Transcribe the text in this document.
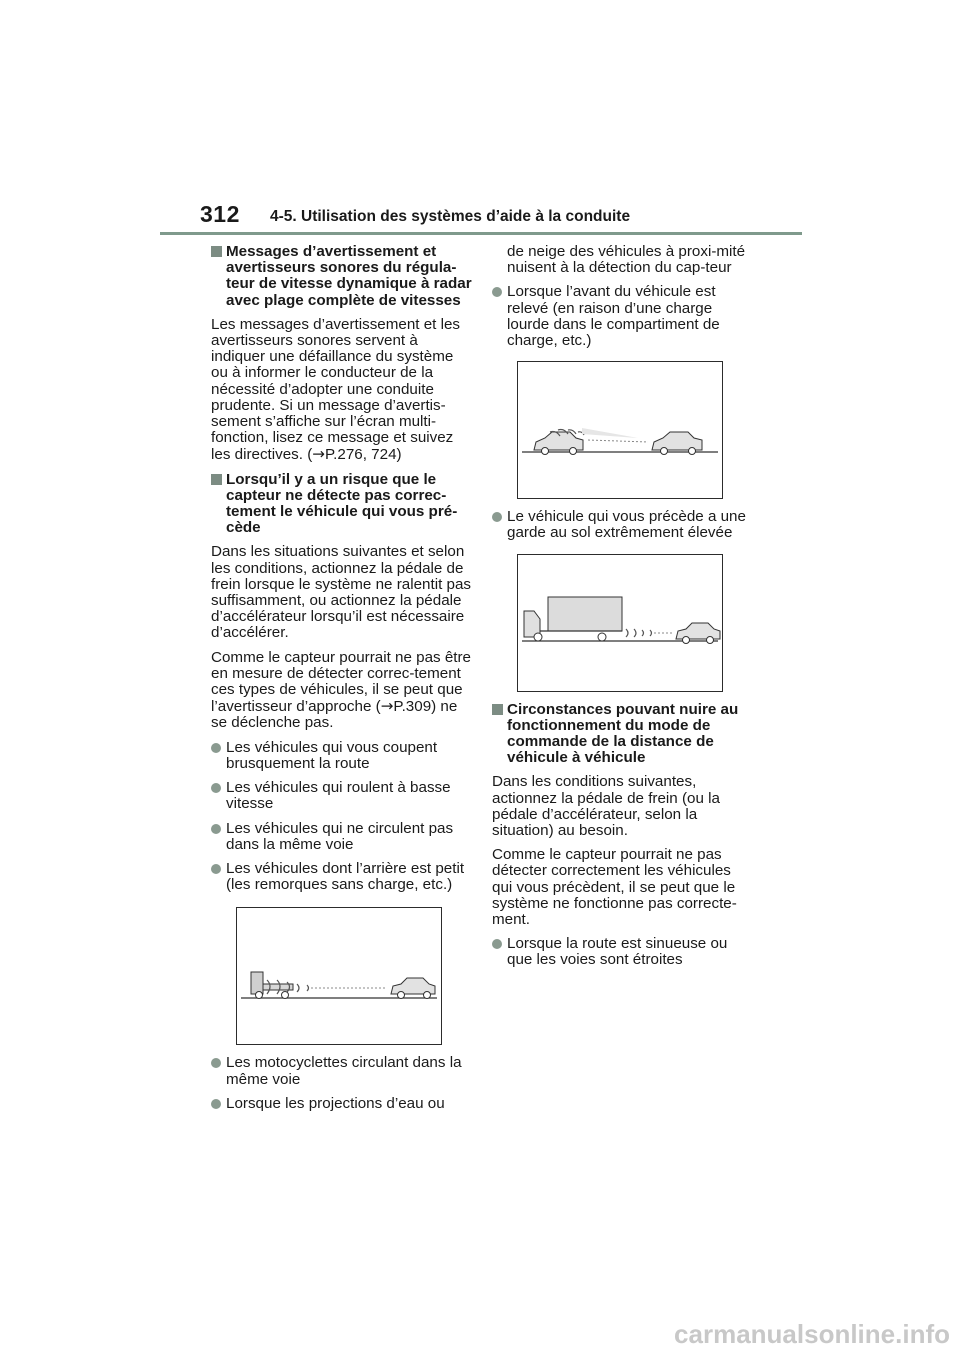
312 4-5. Utilisation des systèmes d’aide à la conduite
Messages d’avertissement et avertisseurs sonores du régula-teur de vitesse dynamique à radar avec plage complète de vitesses

Les messages d’avertissement et les avertisseurs sonores servent à indiquer une défaillance du système ou à informer le conducteur de la nécessité d’adopter une conduite prudente. Si un message d’avertis-sement s’affiche sur l’écran multi-fonction, lisez ce message et suivez les directives. (→P.276, 724)

Lorsqu’il y a un risque que le capteur ne détecte pas correc-tement le véhicule qui vous pré-cède

Dans les situations suivantes et selon les conditions, actionnez la pédale de frein lorsque le système ne ralentit pas suffisamment, ou actionnez la pédale d’accélérateur lorsqu’il est nécessaire d’accélérer.

Comme le capteur pourrait ne pas être en mesure de détecter correc-tement ces types de véhicules, il se peut que l’avertisseur d’approche (→P.309) ne se déclenche pas.

Les véhicules qui vous coupent brusquement la route
Les véhicules qui roulent à basse vitesse
Les véhicules qui ne circulent pas dans la même voie
Les véhicules dont l’arrière est petit (les remorques sans charge, etc.)
Les motocyclettes circulant dans la même voie
Lorsque les projections d’eau ou

de neige des véhicules à proxi-mité nuisent à la détection du cap-teur

Lorsque l’avant du véhicule est relevé (en raison d’une charge lourde dans le compartiment de charge, etc.)
Le véhicule qui vous précède a une garde au sol extrêmement élevée
Circonstances pouvant nuire au fonctionnement du mode de commande de la distance de véhicule à véhicule

Dans les conditions suivantes, actionnez la pédale de frein (ou la pédale d’accélérateur, selon la situation) au besoin.

Comme le capteur pourrait ne pas détecter correctement les véhicules qui vous précèdent, il se peut que le système ne fonctionne pas correcte-ment.

Lorsque la route est sinueuse ou que les voies sont étroites
carmanualsonline.info
